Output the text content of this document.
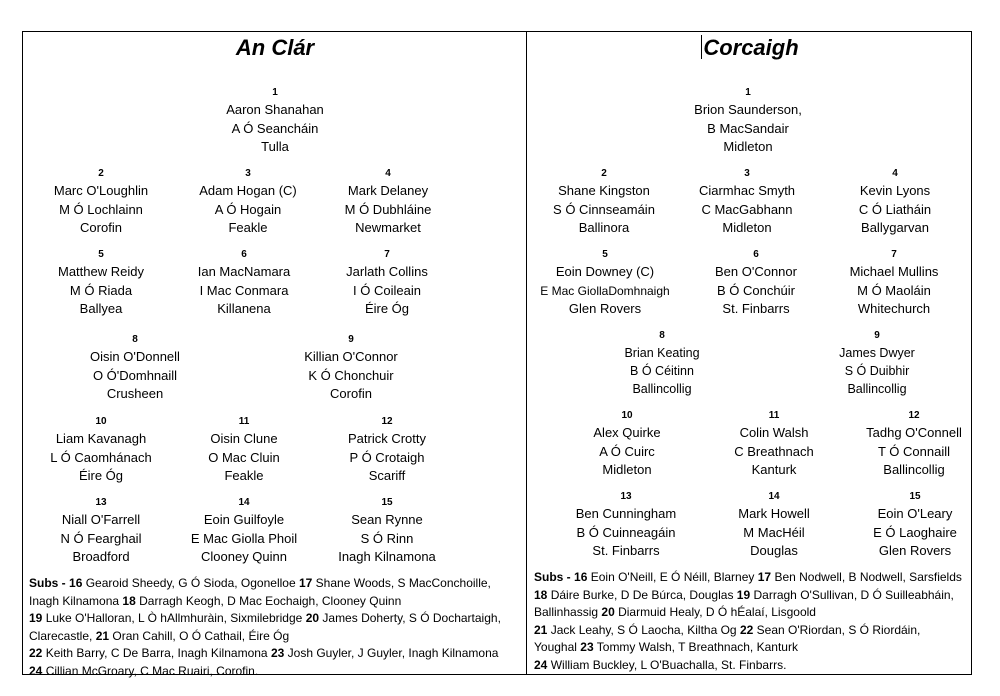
An Clár
1
Aaron Shanahan
A Ó Seancháin
Tulla
2
Marc O'Loughlin
M Ó Lochlainn
Corofin
3
Adam Hogan (C)
A Ó Hogain
Feakle
4
Mark Delaney
M Ó Dubhláine
Newmarket
5
Matthew Reidy
M Ó Riada
Ballyea
6
Ian MacNamara
I Mac Conmara
Killanena
7
Jarlath Collins
I Ó Coileain
Éire Óg
8
Oisin O'Donnell
O Ó'Domhnaill
Crusheen
9
Killian O'Connor
K Ó Chonchuir
Corofin
10
Liam Kavanagh
L Ó Caomhánach
Éire Óg
11
Oisin Clune
O Mac Cluin
Feakle
12
Patrick Crotty
P Ó Crotaigh
Scariff
13
Niall O'Farrell
N Ó Fearghail
Broadford
14
Eoin Guilfoyle
E Mac Giolla Phoil
Clooney Quinn
15
Sean Rynne
S Ó Rinn
Inagh Kilnamona
Subs - 16 Gearoid Sheedy, G Ó Sioda, Ogonelloe 17 Shane Woods, S MacConchoille, Inagh Kilnamona 18 Darragh Keogh, D Mac Eochaigh, Clooney Quinn
19 Luke O'Halloran, L Ò hAllmhuràin, Sixmilebridge 20 James Doherty, S Ó Dochartaigh, Clarecastle, 21 Oran Cahill, O Ó Cathail, Éire Óg
22 Keith Barry, C De Barra, Inagh Kilnamona 23 Josh Guyler, J Guyler, Inagh Kilnamona
24 Cillian McGroary, C Mac Ruairi, Corofin.
Corcaigh
1
Brion Saunderson,
B MacSandair
Midleton
2
Shane Kingston
S Ó Cinnseamáin
Ballinora
3
Ciarmhac Smyth
C MacGabhann
Midleton
4
Kevin Lyons
C Ó Liatháin
Ballygarvan
5
Eoin Downey (C)
E Mac GiollaDomhnaigh
Glen Rovers
6
Ben O'Connor
B Ó Conchúir
St. Finbarrs
7
Michael Mullins
M Ó Maoláin
Whitechurch
8
Brian Keating
B Ó Céitinn
Ballincollig
9
James Dwyer
S Ó Duibhir
Ballincollig
10
Alex Quirke
A Ó Cuirc
Midleton
11
Colin Walsh
C Breathnach
Kanturk
12
Tadhg O'Connell
T Ó Connaill
Ballincollig
13
Ben Cunningham
B Ó Cuinneagáin
St. Finbarrs
14
Mark Howell
M MacHéil
Douglas
15
Eoin O'Leary
E Ó Laoghaire
Glen Rovers
Subs - 16 Eoin O'Neill, E Ó Néill, Blarney 17 Ben Nodwell, B Nodwell, Sarsfields 18 Dáire Burke, D De Búrca, Douglas 19 Darragh O'Sullivan, D Ó Suilleabháin, Ballinhassig 20 Diarmuid Healy, D Ó hÉalaí, Lisgoold
21 Jack Leahy, S Ó Laocha, Kiltha Og 22 Sean O'Riordan, S Ó Riordáin, Youghal 23 Tommy Walsh, T Breathnach, Kanturk
24 William Buckley, L O'Buachalla, St. Finbarrs.
